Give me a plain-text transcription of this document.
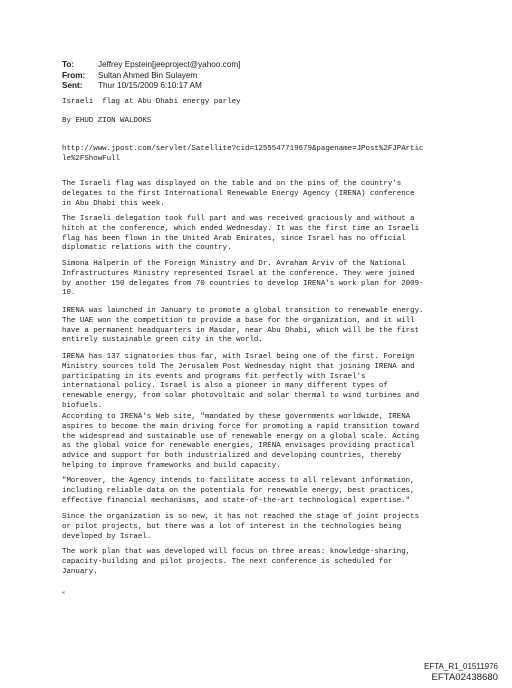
To:	Jeffrey Epstein[jeeproject@yahoo.com]
From:	Sultan Ahmed Bin Sulayem
Sent:	Thur 10/15/2009 6:10:17 AM

Israeli  flag at Abu Dhabi energy parley

By EHUD ZION WALDOKS

http://www.jpost.com/servlet/Satellite?cid=1255547719679&pagename=JPost%2FJPArtic
le%2FShowFull

The Israeli flag was displayed on the table and on the pins of the country's
delegates to the first International Renewable Energy Agency (IRENA) conference
in Abu Dhabi this week.

The Israeli delegation took full part and was received graciously and without a
hitch at the conference, which ended Wednesday. It was the first time an Israeli
flag has been flown in the United Arab Emirates, since Israel has no official
diplomatic relations with the country.

Simona Halperin of the Foreign Ministry and Dr. Avraham Arviv of the National
Infrastructures Ministry represented Israel at the conference. They were joined
by another 150 delegates from 70 countries to develop IRENA's work plan for 2009-
10.

IRENA was launched in January to promote a global transition to renewable energy.
The UAE won the competition to provide a base for the organization, and it will
have a permanent headquarters in Masdar, near Abu Dhabi, which will be the first
entirely sustainable green city in the world.

IRENA has 137 signatories thus far, with Israel being one of the first. Foreign
Ministry sources told The Jerusalem Post Wednesday night that joining IRENA and
participating in its events and programs fit perfectly with Israel's
international policy. Israel is also a pioneer in many different types of
renewable energy, from solar photovoltaic and solar thermal to wind turbines and
biofuels.

According to IRENA's Web site, "mandated by these governments worldwide, IRENA
aspires to become the main driving force for promoting a rapid transition toward
the widespread and sustainable use of renewable energy on a global scale. Acting
as the global voice for renewable energies, IRENA envisages providing practical
advice and support for both industrialized and developing countries, thereby
helping to improve frameworks and build capacity.

"Moreover, the Agency intends to facilitate access to all relevant information,
including reliable data on the potentials for renewable energy, best practices,
effective financial mechanisms, and state-of-the-art technological expertise."

Since the organization is so new, it has not reached the stage of joint projects
or pilot projects, but there was a lot of interest in the technologies being
developed by Israel.

The work plan that was developed will focus on three areas: knowledge-sharing,
capacity-building and pilot projects. The next conference is scheduled for
January.

«
EFTA_R1_01511976
EFTA02438680
